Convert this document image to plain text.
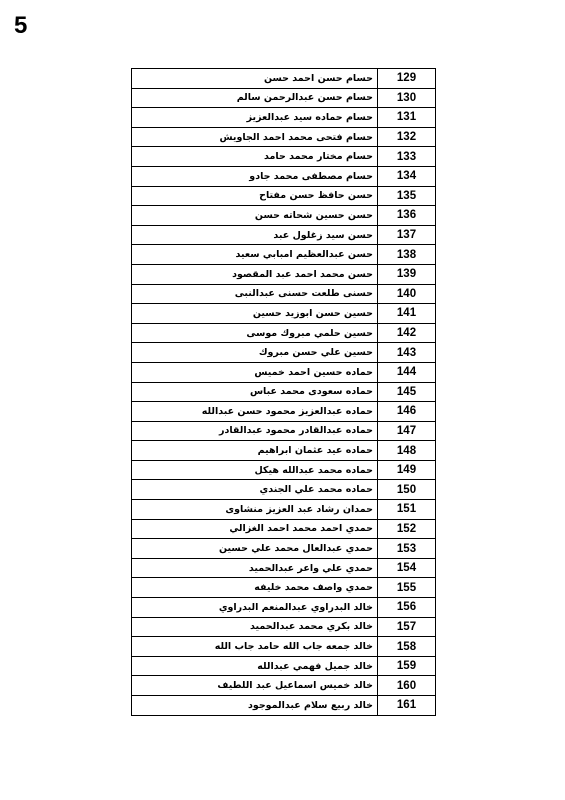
5
129	حسام حسن احمد حسن
130	حسام حسن عبدالرحمن سالم
131	حسام حماده سيد عبدالعزيز
132	حسام فتحى محمد احمد الجاويش
133	حسام مختار محمد حامد
134	حسام مصطفى محمد جادو
135	حسن حافظ حسن مفتاح
136	حسن حسين شحاته حسن
137	حسن سيد زغلول عبد
138	حسن عبدالعظيم امبابي سعيد
139	حسن محمد احمد عبد المقصود
140	حسنى طلعت حسنى عبدالنبى
141	حسين حسن ابوزيد حسين
142	حسين حلمي مبروك موسى
143	حسين علي حسن مبروك
144	حماده حسين احمد خميس
145	حماده سعودى محمد عباس
146	حماده عبدالعزيز محمود حسن عبدالله
147	حماده عبدالقادر محمود عبدالقادر
148	حماده عيد عثمان ابراهيم
149	حماده محمد عبدالله هيكل
150	حماده محمد علي الجندي
151	حمدان رشاد عبد العزيز منشاوى
152	حمدي احمد محمد احمد الغزالي
153	حمدي عبدالعال محمد علي حسين
154	حمدي علي واعر عبدالحميد
155	حمدي واصف محمد خليفه
156	خالد البدراوي عبدالمنعم البدراوي
157	خالد بكري محمد عبدالحميد
158	خالد جمعه جاب الله حامد جاب الله
159	خالد جميل فهمي عبدالله
160	خالد خميس اسماعيل عبد اللطيف
161	خالد ربيع سلام عبدالموجود
